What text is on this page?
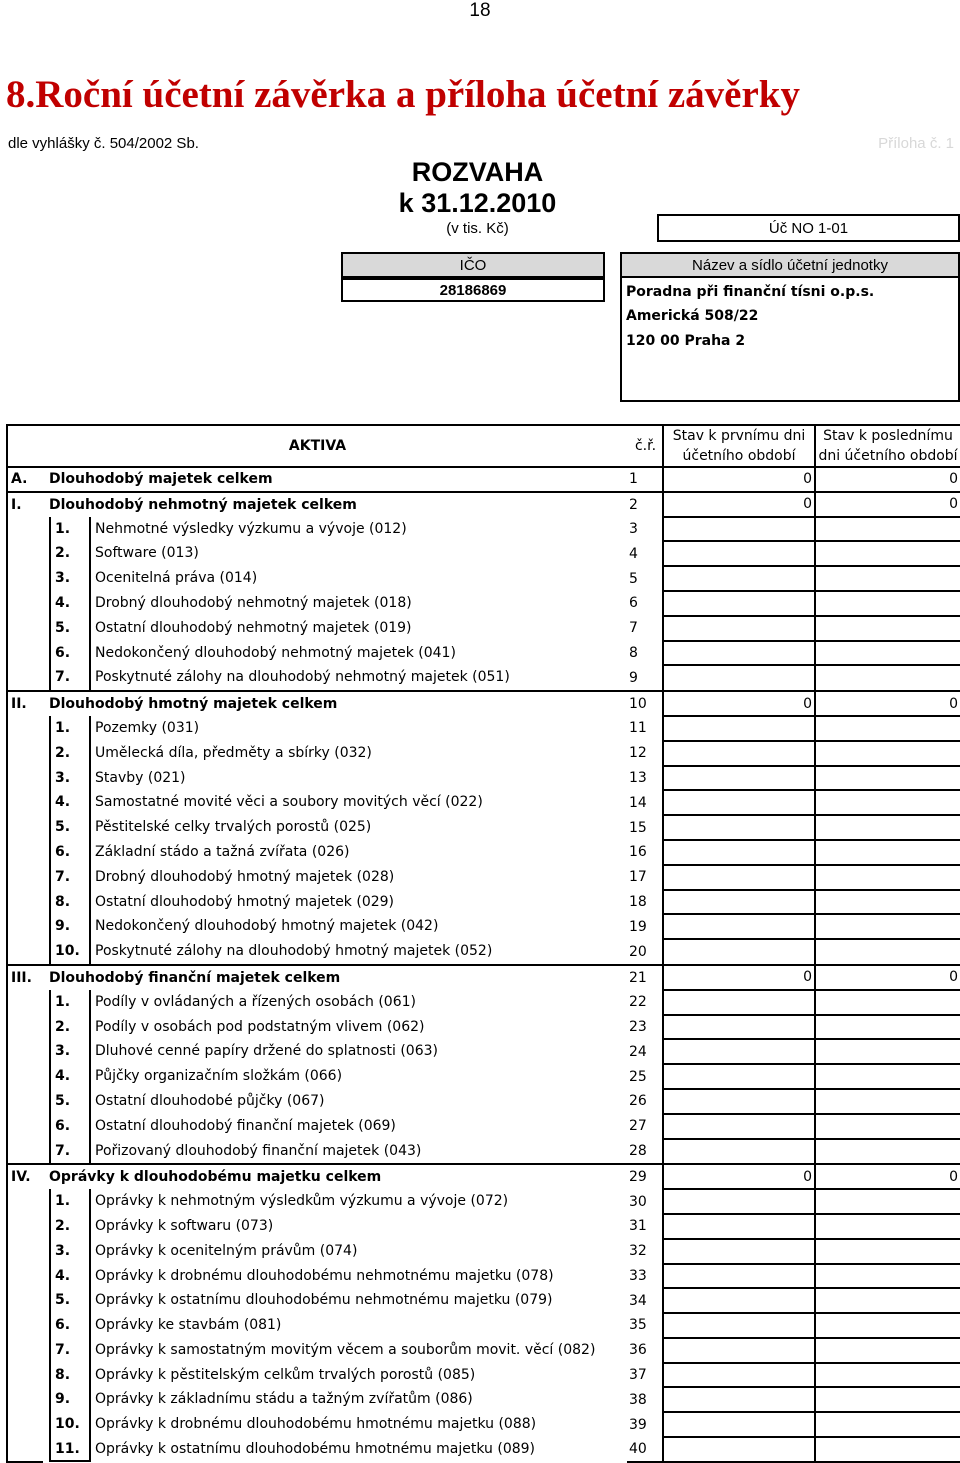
18
8.Roční účetní závěrka a příloha účetní závěrky
dle vyhlášky č. 504/2002 Sb.	Příloha č. 1
ROZVAHA
k 31.12.2010
(v tis. Kč)	Úč NO 1-01
IČO
28186869
Název a sídlo účetní jednotky
Poradna při finanční tísni o.p.s.
Americká 508/22
120 00 Praha 2
AKTIVA		č.ř.	Stav k prvnímu dni účetního období	Stav k poslednímu dni účetního období
A.	Dlouhodobý majetek celkem	1	0	0
I.	Dlouhodobý nehmotný majetek celkem	2	0	0

	1. Nehmotné výsledky výzkumu a vývoje (012)	3		

	2. Software (013)	4		

	3. Ocenitelná práva (014)	5		

	4. Drobný dlouhodobý nehmotný majetek (018)	6		

	5. Ostatní dlouhodobý nehmotný majetek (019)	7		

	6. Nedokončený dlouhodobý nehmotný majetek (041)	8		

	7. Poskytnuté zálohy na dlouhodobý nehmotný majetek (051)	9		
II.	Dlouhodobý hmotný majetek celkem	10	0	0

	1. Pozemky (031)	11		

	2. Umělecká díla, předměty a sbírky (032)	12		

	3. Stavby (021)	13		

	4. Samostatné movité věci a soubory movitých věcí (022)	14		

	5. Pěstitelské celky trvalých porostů (025)	15		

	6. Základní stádo a tažná zvířata (026)	16		

	7. Drobný dlouhodobý hmotný majetek (028)	17		

	8. Ostatní dlouhodobý hmotný majetek (029)	18		

	9. Nedokončený dlouhodobý hmotný majetek (042)	19		

	10. Poskytnuté zálohy na dlouhodobý hmotný majetek (052)	20		
III.	Dlouhodobý finanční majetek celkem	21	0	0

	1. Podíly v ovládaných a řízených osobách (061)	22		

	2. Podíly v osobách pod podstatným vlivem (062)	23		

	3. Dluhové cenné papíry držené do splatnosti (063)	24		

	4. Půjčky organizačním složkám (066)	25		

	5. Ostatní dlouhodobé půjčky (067)	26		

	6. Ostatní dlouhodobý finanční majetek (069)	27		

	7. Pořizovaný dlouhodobý finanční majetek (043)	28		
IV.	Oprávky k dlouhodobému majetku celkem	29	0	0

	1. Oprávky k nehmotným výsledkům výzkumu a vývoje (072)	30		

	2. Oprávky k softwaru (073)	31		

	3. Oprávky k ocenitelným právům (074)	32		

	4. Oprávky k drobnému dlouhodobému nehmotnému majetku (078)	33		

	5. Oprávky k ostatnímu dlouhodobému nehmotnému majetku (079)	34		

	6. Oprávky ke stavbám (081)	35		

	7. Oprávky k samostatným movitým věcem a souborům movit. věcí (082)	36		

	8. Oprávky k pěstitelským celkům trvalých porostů (085)	37		

	9. Oprávky k základnímu stádu a tažným zvířatům (086)	38		

	10. Oprávky k drobnému dlouhodobému hmotnému majetku (088)	39		

	11. Oprávky k ostatnímu dlouhodobému hmotnému majetku (089)	40		
